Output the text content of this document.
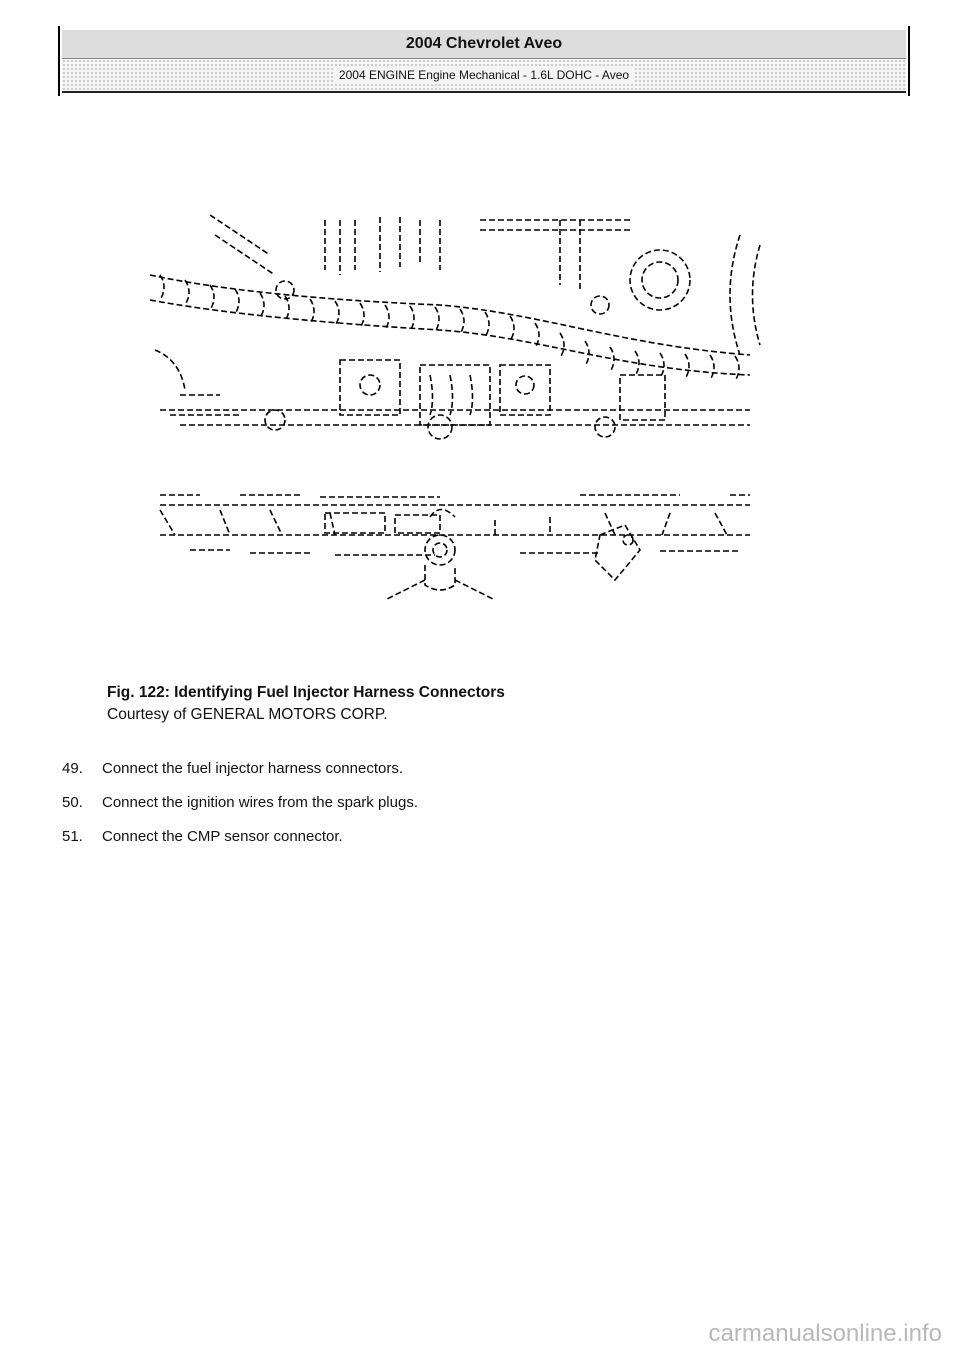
2004 Chevrolet Aveo
2004 ENGINE Engine Mechanical - 1.6L DOHC - Aveo
Fig. 122: Identifying Fuel Injector Harness Connectors
Courtesy of GENERAL MOTORS CORP.
49. Connect the fuel injector harness connectors.
50. Connect the ignition wires from the spark plugs.
51. Connect the CMP sensor connector.
carmanualsonline.info
